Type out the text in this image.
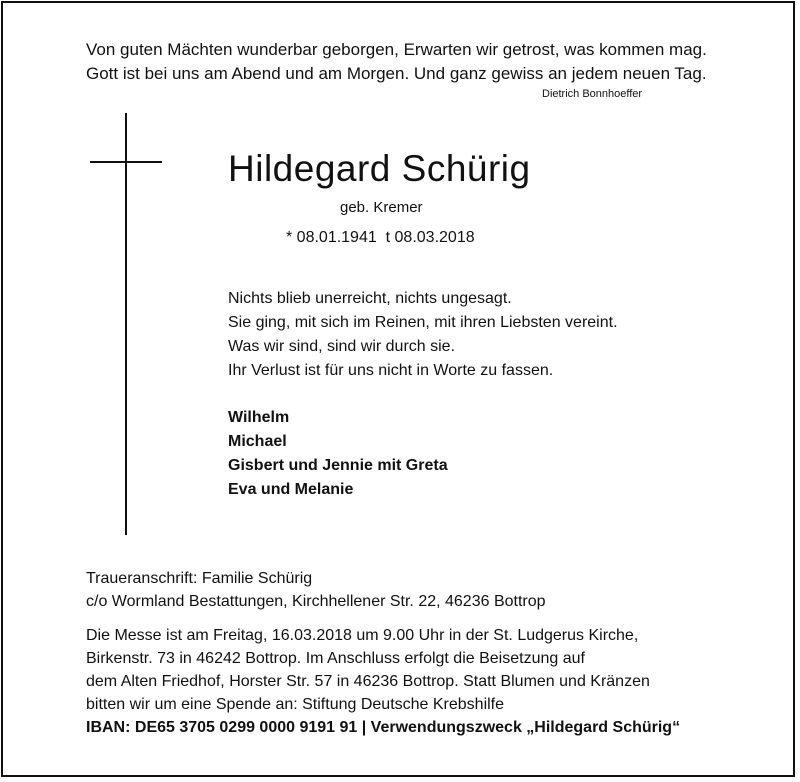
Von guten Mächten wunderbar geborgen, Erwarten wir getrost, was kommen mag.
Gott ist bei uns am Abend und am Morgen. Und ganz gewiss an jedem neuen Tag.
Dietrich Bonnhoeffer
Hildegard Schürig
geb. Kremer
* 08.01.1941 t 08.03.2018
Nichts blieb unerreicht, nichts ungesagt.
Sie ging, mit sich im Reinen, mit ihren Liebsten vereint.
Was wir sind, sind wir durch sie.
Ihr Verlust ist für uns nicht in Worte zu fassen.
Wilhelm
Michael
Gisbert und Jennie mit Greta
Eva und Melanie
Traueranschrift: Familie Schürig
c/o Wormland Bestattungen, Kirchhellener Str. 22, 46236 Bottrop
Die Messe ist am Freitag, 16.03.2018 um 9.00 Uhr in der St. Ludgerus Kirche,
Birkenstr. 73 in 46242 Bottrop. Im Anschluss erfolgt die Beisetzung auf
dem Alten Friedhof, Horster Str. 57 in 46236 Bottrop. Statt Blumen und Kränzen
bitten wir um eine Spende an: Stiftung Deutsche Krebshilfe
IBAN: DE65 3705 0299 0000 9191 91 | Verwendungszweck „Hildegard Schürig“
